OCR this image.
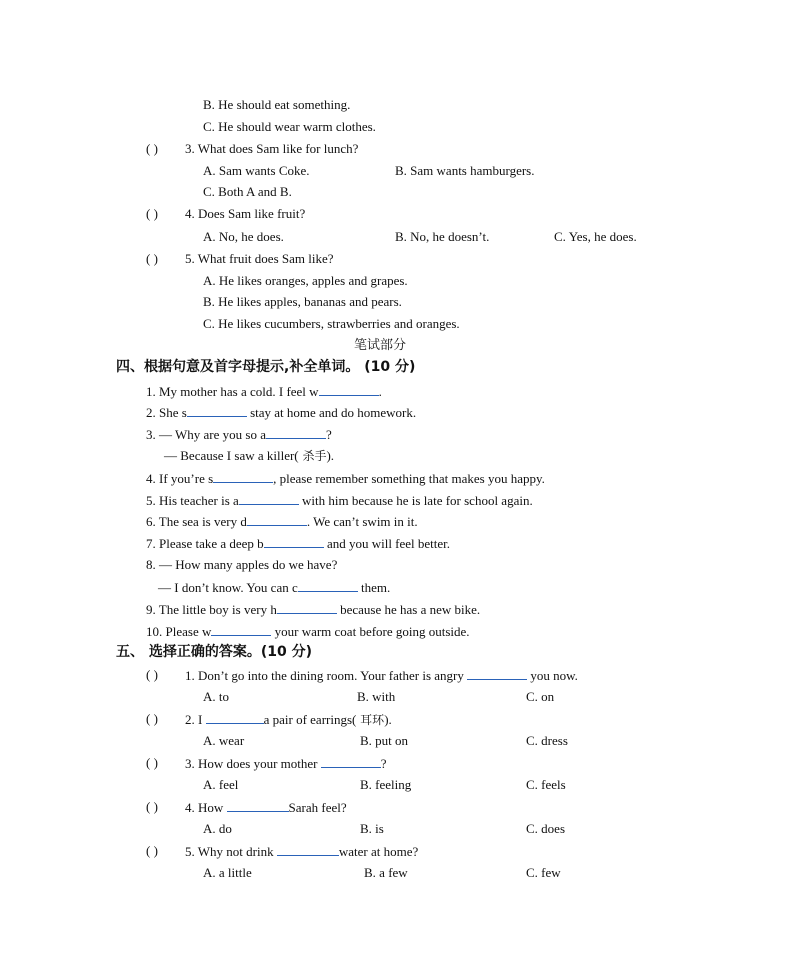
B. He should eat something.
C. He should wear warm clothes.
( ) 3. What does Sam like for lunch?
A. Sam wants Coke.	B. Sam wants hamburgers.
C. Both A and B.
( ) 4. Does Sam like fruit?
A. No, he does.	B. No, he doesn’t.	C. Yes, he does.
( ) 5. What fruit does Sam like?
A. He likes oranges, apples and grapes.
B. He likes apples, bananas and pears.
C. He likes cucumbers, strawberries and oranges.
笔试部分
四、根据句意及首字母提示,补全单词。 (10 分)
1. My mother has a cold. I feel w	.
2. She s	stay at home and do homework.
3. — Why are you so a	?
— Because I saw a killer( 杀手).
4. If you’re s	, please remember something that makes you happy.
5. His teacher is a	with him because he is late for school again.
6. The sea is very d	. We can’t swim in it.
7. Please take a deep b	and you will feel better.
8. — How many apples do we have?
— I don’t know. You can c	them.
9. The little boy is very h	because he has a new bike.
10. Please w	your warm coat before going outside.
五、 选择正确的答案。(10 分)
( ) 1. Don’t go into the dining room. Your father is angry	you now.
A. to	B. with	C. on
( ) 2. I	a pair of earrings( 耳环).
A. wear	B. put on	C. dress
( ) 3. How does your mother	?
A. feel	B. feeling	C. feels
( ) 4. How	Sarah feel?
A. do	B. is	C. does
( ) 5. Why not drink	water at home?
A. a little	B. a few	C. few
